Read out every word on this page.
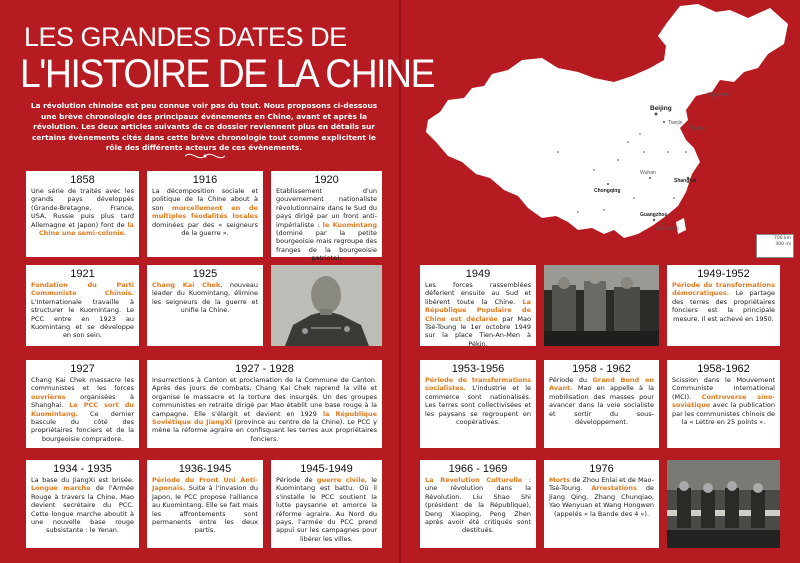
LES GRANDES DATES DE
L'HISTOIRE DE LA CHINE
La révolution chinoise est peu connue voir pas du tout. Nous proposons ci-dessous une brève chronologie des principaux événements en Chine, avant et après la révolution. Les deux articles suivants de ce dossier reviennent plus en détails sur certains évènements cités dans cette brève chronologie tout comme explicitent le rôle des différents acteurs de ces évènements.
Beijing
Shenyang
Tianjin
Dalian
Chongqing
Shanghai
Wuhan
Guangzhou
Shenzhen
700 km
300 mi
1858
Une série de traités avec les grands pays développés (Grande-Bretagne, France, USA, Russie puis plus tard Allemagne et Japon) font de la Chine une semi-colonie.
1916
La décomposition sociale et politique de la Chine about à son morcellement en de multiples féodalités locales dominées par des « seigneurs de la guerre ».
1920
Etablissement d'un gouvernement nationaliste révolutionnaire dans le Sud du pays dirigé par un front anti-impérialiste : le Kuomintang (dominé par la petite bourgeoisie mais regroupe des franges de la bourgeoisie patriote).
1921
Fondation du Parti Communiste Chinois. L'Internationale travaille à structurer le Kuomintang. Le PCC entre en 1923 au Kuomintang et se développe en son sein.
1925
Chang Kai Chek, nouveau leader du Kuomintang, élimine les seigneurs de la guerre et unifie la Chine.
1927
Chang Kai Chek massacre les communistes et les forces ouvrières organisées à Shanghai. Le PCC sort du Kuomintang. Ce dernier bascule du côté des propriétaires fonciers et de la bourgeoisie compradore.
1927 - 1928
Insurrections à Canton et proclamation de la Commune de Canton. Après des jours de combats, Chang Kai Chek reprend la ville et organise le massacre et la torture des insurgés. Un des groupes communistes en retraite dirigé par Mao établit une base rouge à la campagne. Elle s'élargit et devient en 1929 la République Soviétique du JiangXi (province au centre de la Chine). Le PCC y mène la réforme agraire en confisquant les terres aux propriétaires fonciers.
1934 - 1935
La base du JiangXi est brisée. Longue marche de l'Armée Rouge à travers la Chine. Mao devient secrétaire du PCC. Cette longue marche aboutit à une nouvelle base rouge subsistante : le Yenan.
1936-1945
Période du Front Uni Anti-Japonais. Suite à l'invasion du Japon, le PCC propose l'alliance au Kuomintang. Elle se fait mais les affrontements sont permanents entre les deux partis.
1945-1949
Période de guerre civile, le Kuomintang est battu. Où il s'installe le PCC soutient la lutte paysanne et amorce la réforme agraire. Au Nord du pays, l'armée du PCC prend appui sur les campagnes pour libérer les villes.
1949
Les forces rassemblées déferlent ensuite au Sud et libèrent toute la Chine. La République Populaire de Chine est déclarée par Mao Tsé-Toung le 1er octobre 1949 sur la place Tien-An-Men à Pékin.
1949-1952
Période de transformations démocratiques. Le partage des terres des propriétaires fonciers est la principale mesure. Il est achevé en 1950.
1953-1956
Période de transformations socialistes. L'industrie et le commerce sont nationalisés. Les terres sont collectivisées et les paysans se regroupent en coopératives.
1958 - 1962
Période du Grand Bond en Avant. Mao en appelle à la mobilisation des masses pour avancer dans la voie socialiste et sortir du sous-développement.
1958-1962
Scission dans le Mouvement Communiste International (MCI). Controverse sino-soviétique avec la publication par les communistes chinois de la « Lettre en 25 points ».
1966 - 1969
La Révolution Culturelle : une révolution dans la Révolution. Liu Shao Shi (président de la République), Deng Xiaoping, Peng Zhen après avoir été critiqués sont destitués.
1976
Morts de Zhou Enlai et de Mao-Tsé-Toung. Arrestations de Jiang Qing, Zhang Chunqiao, Yao Wenyuan et Wang Hongwen (appelés « la Bande des 4 »).
